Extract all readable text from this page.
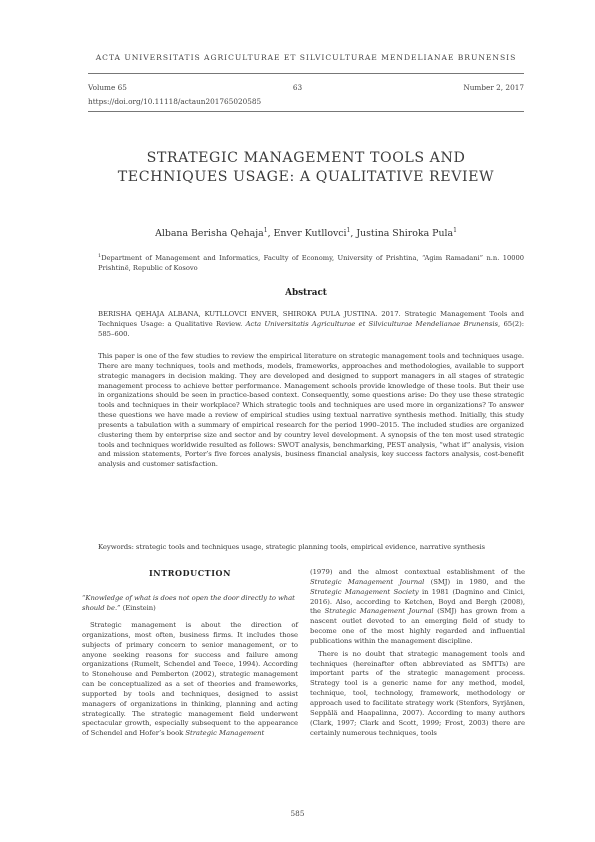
ACTA UNIVERSITATIS AGRICULTURAE ET SILVICULTURAE MENDELIANAE BRUNENSIS
Volume 65	63	Number 2, 2017
https://doi.org/10.11118/actaun201765020585
STRATEGIC MANAGEMENT TOOLS AND
TECHNIQUES USAGE: A QUALITATIVE REVIEW
Albana Berisha Qehaja$^1$, Enver Kutllovci$^1$, Justina Shiroka Pula$^1$
$^1$Department of Management and Informatics, Faculty of Economy, University of Prishtina, “Agim Ramadani” n.n. 10000 Prishtinë, Republic of Kosovo
Abstract
BERISHA QEHAJA ALBANA, KUTLLOVCI ENVER, SHIROKA PULA JUSTINA. 2017. Strategic Management Tools and Techniques Usage: a Qualitative Review. Acta Universitatis Agriculturae et Silviculturae Mendelianae Brunensis, 65(2): 585–600.
This paper is one of the few studies to review the empirical literature on strategic management tools and techniques usage. There are many techniques, tools and methods, models, frameworks, approaches and methodologies, available to support strategic managers in decision making. They are developed and designed to support managers in all stages of strategic management process to achieve better performance. Management schools provide knowledge of these tools. But their use in organizations should be seen in practice-based context. Consequently, some questions arise: Do they use these strategic tools and techniques in their workplace? Which strategic tools and techniques are used more in organizations? To answer these questions we have made a review of empirical studies using textual narrative synthesis method. Initially, this study presents a tabulation with a summary of empirical research for the period 1990–2015. The included studies are organized clustering them by enterprise size and sector and by country level development. A synopsis of the ten most used strategic tools and techniques worldwide resulted as follows: SWOT analysis, benchmarking, PEST analysis, “what if” analysis, vision and mission statements, Porter’s five forces analysis, business financial analysis, key success factors analysis, cost-benefit analysis and customer satisfaction.
Keywords: strategic tools and techniques usage, strategic planning tools, empirical evidence, narrative synthesis
INTRODUCTION
“Knowledge of what is does not open the door directly to what should be.” (Einstein)
Strategic management is about the direction of organizations, most often, business firms. It includes those subjects of primary concern to senior management, or to anyone seeking reasons for success and failure among organizations (Rumelt, Schendel and Teece, 1994). According to Stonehouse and Pemberton (2002), strategic management can be conceptualized as a set of theories and frameworks, supported by tools and techniques, designed to assist managers of organizations in thinking, planning and acting strategically. The strategic management field underwent spectacular growth, especially subsequent to the appearance of Schendel and Hofer’s book Strategic Management
(1979) and the almost contextual establishment of the Strategic Management Journal (SMJ) in 1980, and the Strategic Management Society in 1981 (Dagnino and Cinici, 2016). Also, according to Ketchen, Boyd and Bergh (2008), the Strategic Management Journal (SMJ) has grown from a nascent outlet devoted to an emerging field of study to become one of the most highly regarded and influential publications within the management discipline.
There is no doubt that strategic management tools and techniques (hereinafter often abbreviated as SMTTs) are important parts of the strategic management process. Strategy tool is a generic name for any method, model, technique, tool, technology, framework, methodology or approach used to facilitate strategy work (Stenfors, Syrjänen, Seppälä and Haapalinna, 2007). According to many authors (Clark, 1997; Clark and Scott, 1999; Frost, 2003) there are certainly numerous techniques, tools
585
